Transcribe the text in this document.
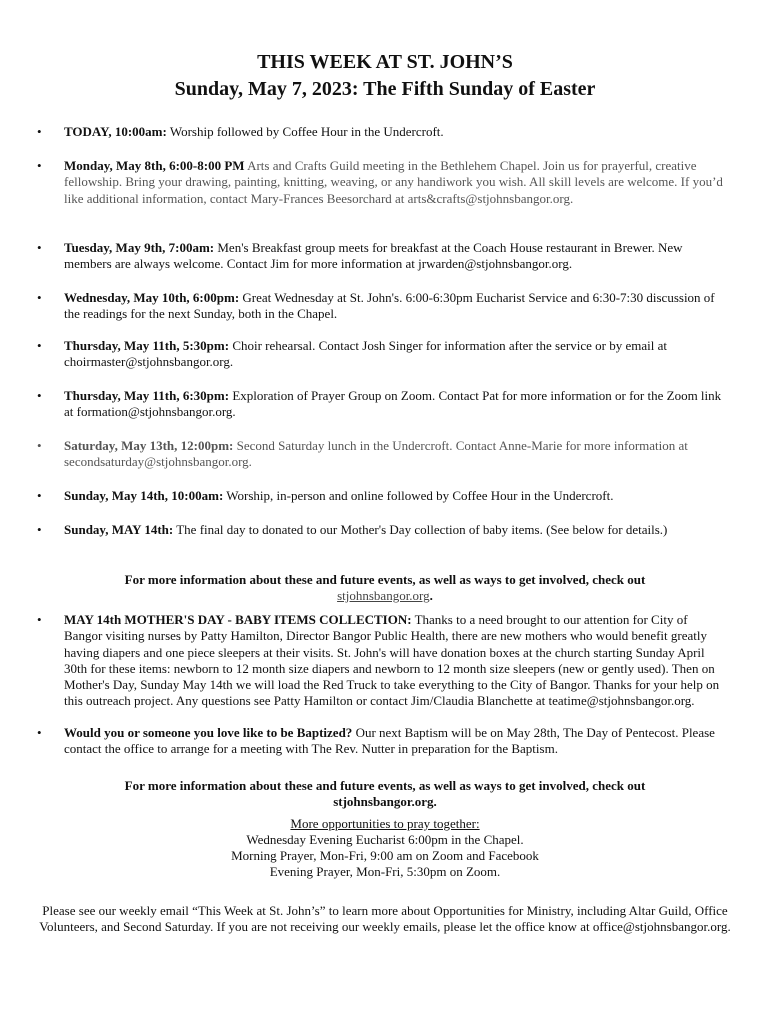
THIS WEEK AT ST. JOHN’S
Sunday, May 7, 2023: The Fifth Sunday of Easter
• TODAY, 10:00am: Worship followed by Coffee Hour in the Undercroft.
• Monday, May 8th, 6:00-8:00 PM Arts and Crafts Guild meeting in the Bethlehem Chapel. Join us for prayerful, creative fellowship. Bring your drawing, painting, knitting, weaving, or any handiwork you wish. All skill levels are welcome. If you’d like additional information, contact Mary-Frances Beesorchard at arts&crafts@stjohnsbangor.org.
• Tuesday, May 9th, 7:00am: Men's Breakfast group meets for breakfast at the Coach House restaurant in Brewer. New members are always welcome. Contact Jim for more information at jrwarden@stjohnsbangor.org.
• Wednesday, May 10th, 6:00pm: Great Wednesday at St. John's. 6:00-6:30pm Eucharist Service and 6:30-7:30 discussion of the readings for the next Sunday, both in the Chapel.
• Thursday, May 11th, 5:30pm: Choir rehearsal. Contact Josh Singer for information after the service or by email at choirmaster@stjohnsbangor.org.
• Thursday, May 11th, 6:30pm: Exploration of Prayer Group on Zoom. Contact Pat for more information or for the Zoom link at formation@stjohnsbangor.org.
• Saturday, May 13th, 12:00pm: Second Saturday lunch in the Undercroft. Contact Anne-Marie for more information at secondsaturday@stjohnsbangor.org.
• Sunday, May 14th, 10:00am: Worship, in-person and online followed by Coffee Hour in the Undercroft.
• Sunday, MAY 14th: The final day to donated to our Mother's Day collection of baby items. (See below for details.)
For more information about these and future events, as well as ways to get involved, check out stjohnsbangor.org.
• MAY 14th MOTHER'S DAY - BABY ITEMS COLLECTION: Thanks to a need brought to our attention for City of Bangor visiting nurses by Patty Hamilton, Director Bangor Public Health, there are new mothers who would benefit greatly having diapers and one piece sleepers at their visits. St. John's will have donation boxes at the church starting Sunday April 30th for these items: newborn to 12 month size diapers and newborn to 12 month size sleepers (new or gently used). Then on Mother's Day, Sunday May 14th we will load the Red Truck to take everything to the City of Bangor. Thanks for your help on this outreach project. Any questions see Patty Hamilton or contact Jim/Claudia Blanchette at teatime@stjohnsbangor.org.
• Would you or someone you love like to be Baptized? Our next Baptism will be on May 28th, The Day of Pentecost. Please contact the office to arrange for a meeting with The Rev. Nutter in preparation for the Baptism.
For more information about these and future events, as well as ways to get involved, check out
stjohnsbangor.org.
More opportunities to pray together:
Wednesday Evening Eucharist 6:00pm in the Chapel.
Morning Prayer, Mon-Fri, 9:00 am on Zoom and Facebook
Evening Prayer, Mon-Fri, 5:30pm on Zoom.
Please see our weekly email “This Week at St. John’s” to learn more about Opportunities for Ministry, including Altar Guild, Office Volunteers, and Second Saturday. If you are not receiving our weekly emails, please let the office know at office@stjohnsbangor.org.
